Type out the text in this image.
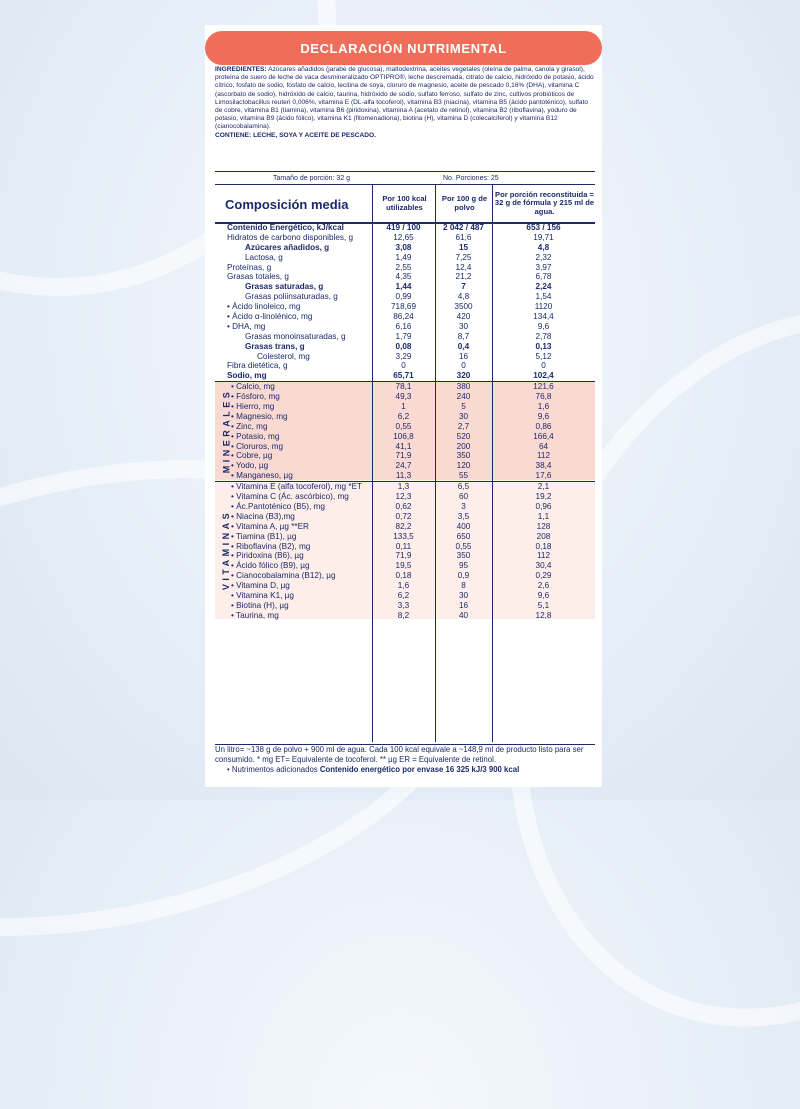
DECLARACIÓN NUTRIMENTAL
INGREDIENTES: Azúcares añadidos (jarabe de glucosa), maltodextrina, aceites vegetales (oleína de palma, canola y girasol), proteína de suero de leche de vaca desmineralizado OPTIPRO®, leche descremada, citrato de calcio, hidróxido de potasio, ácido cítrico, fosfato de sodio, fosfato de calcio, lecitina de soya, cloruro de magnesio, aceite de pescado 0,16% (DHA), vitamina C (ascorbato de sodio), hidróxido de calcio, taurina, hidróxido de sodio, sulfato ferroso, sulfato de zinc, cultivos probióticos de Limosilactobacillus reuteri 0,006%, vitamina E (DL-alfa tocoferol), vitamina B3 (niacina), vitamina B5 (ácido pantoténico), sulfato de cobre, vitamina B1 (tiamina), vitamina B6 (piridoxina), vitamina A (acetato de retinol), vitamina B2 (riboflavina), yoduro de potasio, vitamina B9 (ácido fólico), vitamina K1 (fitomenadiona), biotina (H), vitamina D (colecalciferol) y vitamina B12 (cianocobalamina).
CONTIENE: LECHE, SOYA Y ACEITE DE PESCADO.
Tamaño de porción: 32 g	No. Porciones: 25
Composición media	Por 100 kcal utilizables
Por 100 g de polvo
Por porción reconstituida = 32 g de fórmula y 215 ml de agua.
MINERALES
VITAMINAS
Contenido Energético, kJ/kcal	419 / 100	2 042 / 487	653 / 156
Hidratos de carbono disponibles, g	12,65	61,6	19,71
Azúcares añadidos, g	3,08	15	4,8
Lactosa, g	1,49	7,25	2,32
Proteínas, g	2,55	12,4	3,97
Grasas totales, g	4,35	21,2	6,78
Grasas saturadas, g	1,44	7	2,24
Grasas poliinsaturadas, g	0,99	4,8	1,54
• Ácido linoleico, mg	718,69	3500	1120
• Ácido α-linolénico, mg	86,24	420	134,4
• DHA, mg	6,16	30	9,6
Grasas monoinsaturadas, g	1,79	8,7	2,78
Grasas trans, g	0,08	0,4	0,13
Colesterol, mg	3,29	16	5,12
Fibra dietética, g	0	0	0
Sodio, mg	65,71	320	102,4
• Calcio, mg	78,1	380	121,6
• Fósforo, mg	49,3	240	76,8
• Hierro, mg	1	5	1,6
• Magnesio, mg	6,2	30	9,6
• Zinc, mg	0,55	2,7	0,86
• Potasio, mg	106,8	520	166,4
• Cloruros, mg	41,1	200	64
• Cobre, µg	71,9	350	112
• Yodo, µg	24,7	120	38,4
• Manganeso, µg	11,3	55	17,6
• Vitamina E (alfa tocoferol), mg *ET	1,3	6,5	2,1
• Vitamina C (Ác. ascórbico), mg	12,3	60	19,2
• Ác.Pantoténico (B5), mg	0,62	3	0,96
• Niacina (B3),mg	0,72	3,5	1,1
• Vitamina A, µg **ER	82,2	400	128
• Tiamina (B1), µg	133,5	650	208
• Riboflavina (B2), mg	0,11	0,55	0,18
• Piridoxina (B6), µg	71,9	350	112
• Ácido fólico (B9), µg	19,5	95	30,4
• Cianocobalamina (B12), µg	0,18	0,9	0,29
• Vitamina D, µg	1,6	8	2,6
• Vitamina K1, µg	6,2	30	9,6
• Biotina (H), µg	3,3	16	5,1
• Taurina, mg	8,2	40	12,8
Un litro= ~138 g de polvo + 900 ml de agua. Cada 100 kcal equivale a ~148,9 ml de producto listo para ser consumido. * mg ET= Equivalente de tocoferol. ** µg ER = Equivalente de retinol.
• Nutrimentos adicionados Contenido energético por envase 16 325 kJ/3 900 kcal
